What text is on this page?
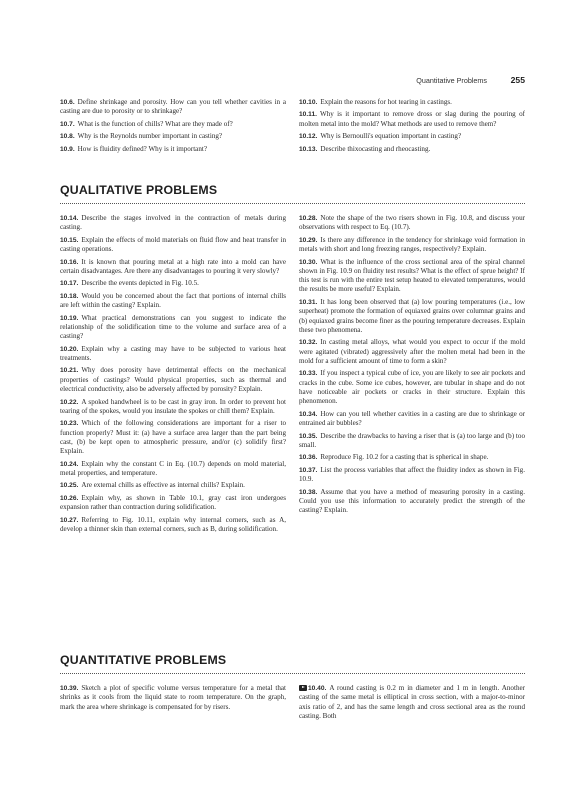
Quantitative Problems	255

10.6. Define shrinkage and porosity. How can you tell whether cavities in a casting are due to porosity or to shrinkage?

10.7. What is the function of chills? What are they made of?

10.8. Why is the Reynolds number important in casting?

10.9. How is fluidity defined? Why is it important?

10.10. Explain the reasons for hot tearing in castings.

10.11. Why is it important to remove dross or slag during the pouring of molten metal into the mold? What methods are used to remove them?

10.12. Why is Bernoulli's equation important in casting?

10.13. Describe thixocasting and rheocasting.

QUALITATIVE PROBLEMS

10.14. Describe the stages involved in the contraction of metals during casting.

10.15. Explain the effects of mold materials on fluid flow and heat transfer in casting operations.

10.16. It is known that pouring metal at a high rate into a mold can have certain disadvantages. Are there any disadvantages to pouring it very slowly?

10.17. Describe the events depicted in Fig. 10.5.

10.18. Would you be concerned about the fact that portions of internal chills are left within the casting? Explain.

10.19. What practical demonstrations can you suggest to indicate the relationship of the solidification time to the volume and surface area of a casting?

10.20. Explain why a casting may have to be subjected to various heat treatments.

10.21. Why does porosity have detrimental effects on the mechanical properties of castings? Would physical properties, such as thermal and electrical conductivity, also be adversely affected by porosity? Explain.

10.22. A spoked handwheel is to be cast in gray iron. In order to prevent hot tearing of the spokes, would you insulate the spokes or chill them? Explain.

10.23. Which of the following considerations are important for a riser to function properly? Must it: (a) have a surface area larger than the part being cast, (b) be kept open to atmospheric pressure, and/or (c) solidify first? Explain.

10.24. Explain why the constant C in Eq. (10.7) depends on mold material, metal properties, and temperature.

10.25. Are external chills as effective as internal chills? Explain.

10.26. Explain why, as shown in Table 10.1, gray cast iron undergoes expansion rather than contraction during solidification.

10.27. Referring to Fig. 10.11, explain why internal corners, such as A, develop a thinner skin than external corners, such as B, during solidification.

10.28. Note the shape of the two risers shown in Fig. 10.8, and discuss your observations with respect to Eq. (10.7).

10.29. Is there any difference in the tendency for shrinkage void formation in metals with short and long freezing ranges, respectively? Explain.

10.30. What is the influence of the cross sectional area of the spiral channel shown in Fig. 10.9 on fluidity test results? What is the effect of sprue height? If this test is run with the entire test setup heated to elevated temperatures, would the results be more useful? Explain.

10.31. It has long been observed that (a) low pouring temperatures (i.e., low superheat) promote the formation of equiaxed grains over columnar grains and (b) equiaxed grains become finer as the pouring temperature decreases. Explain these two phenomena.

10.32. In casting metal alloys, what would you expect to occur if the mold were agitated (vibrated) aggressively after the molten metal had been in the mold for a sufficient amount of time to form a skin?

10.33. If you inspect a typical cube of ice, you are likely to see air pockets and cracks in the cube. Some ice cubes, however, are tubular in shape and do not have noticeable air pockets or cracks in their structure. Explain this phenomenon.

10.34. How can you tell whether cavities in a casting are due to shrinkage or entrained air bubbles?

10.35. Describe the drawbacks to having a riser that is (a) too large and (b) too small.

10.36. Reproduce Fig. 10.2 for a casting that is spherical in shape.

10.37. List the process variables that affect the fluidity index as shown in Fig. 10.9.

10.38. Assume that you have a method of measuring porosity in a casting. Could you use this information to accurately predict the strength of the casting? Explain.

QUANTITATIVE PROBLEMS

10.39. Sketch a plot of specific volume versus temperature for a metal that shrinks as it cools from the liquid state to room temperature. On the graph, mark the area where shrinkage is compensated for by risers.

10.40. A round casting is 0.2 m in diameter and 1 m in length. Another casting of the same metal is elliptical in cross section, with a major-to-minor axis ratio of 2, and has the same length and cross sectional area as the round casting. Both
